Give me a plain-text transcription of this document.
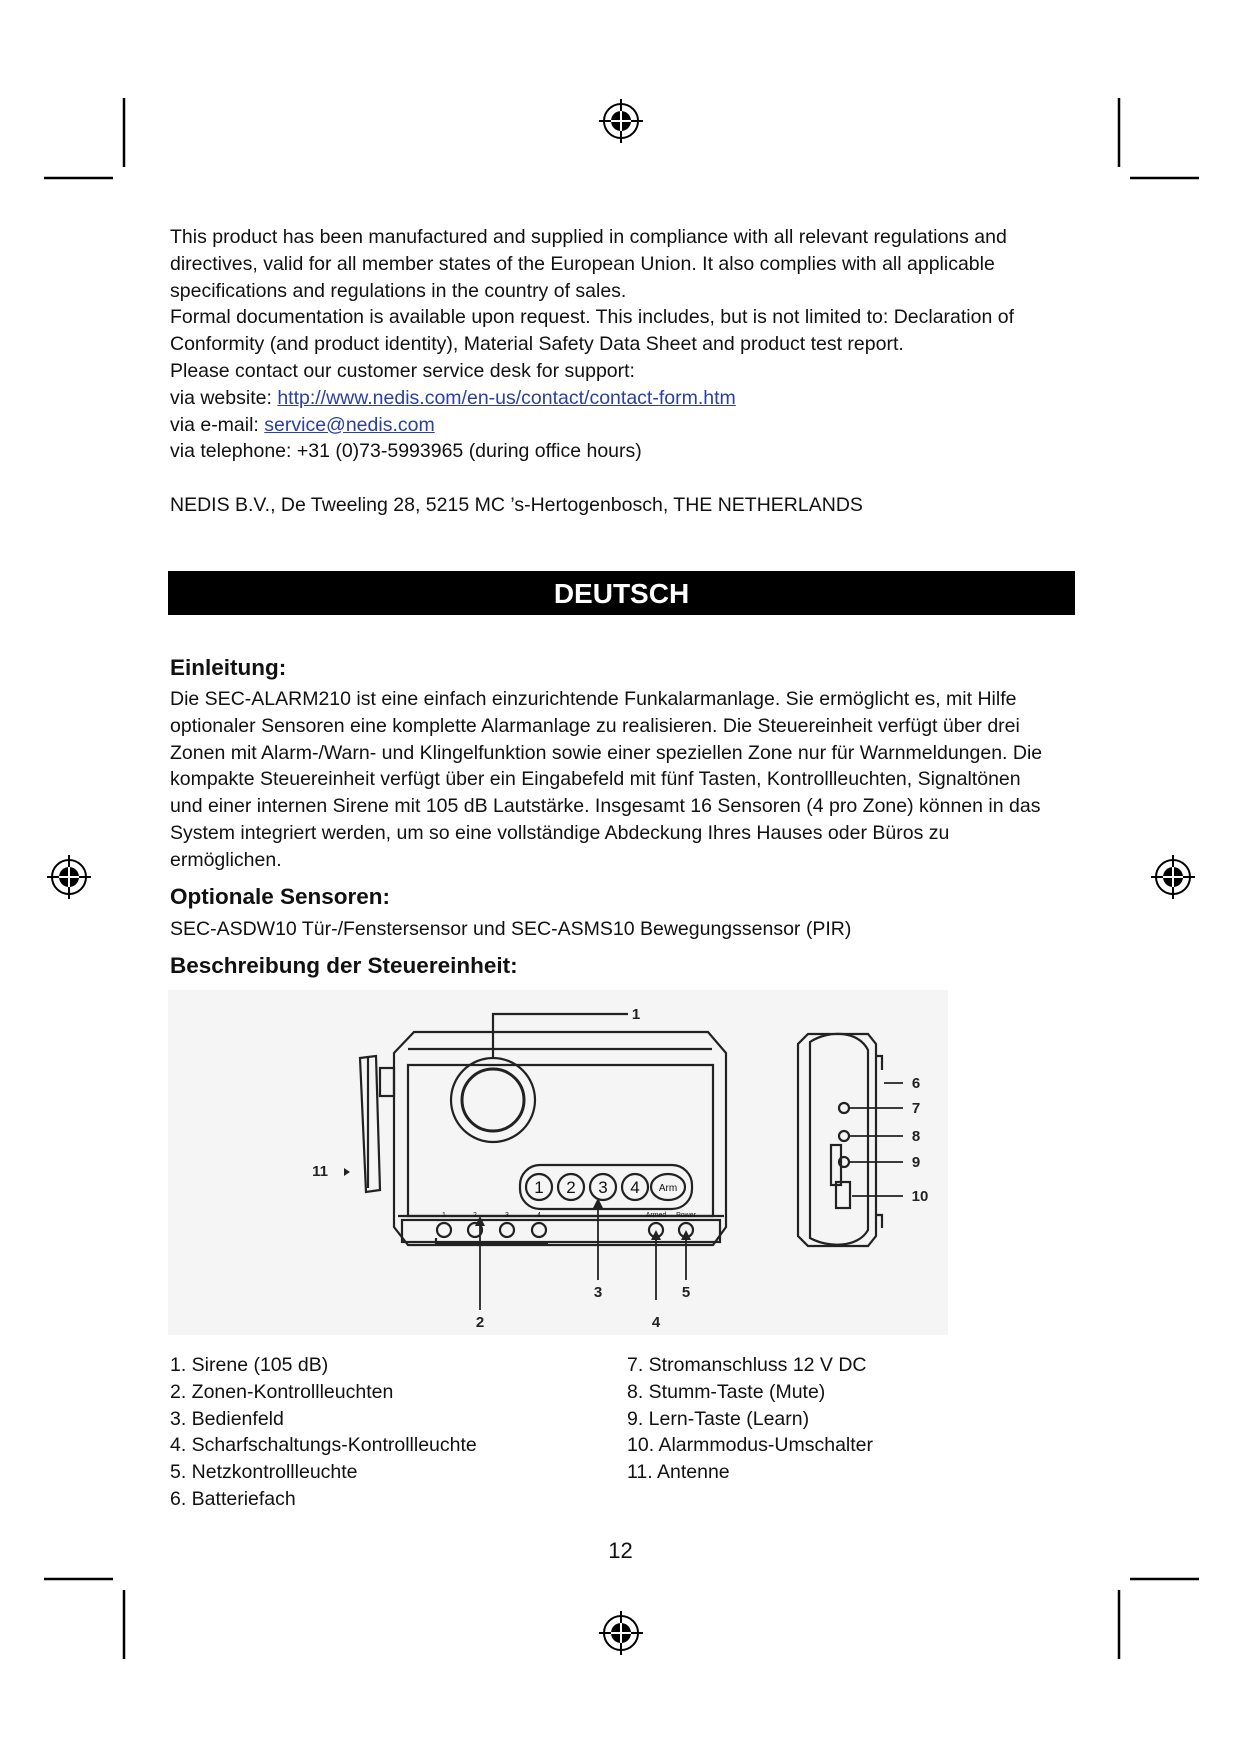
This product has been manufactured and supplied in compliance with all relevant regulations and

directives, valid for all member states of the European Union. It also complies with all applicable

specifications and regulations in the country of sales.

Formal documentation is available upon request. This includes, but is not limited to: Declaration of

Conformity (and product identity), Material Safety Data Sheet and product test report.

Please contact our customer service desk for support:

via website: http://www.nedis.com/en-us/contact/contact-form.htm

via e-mail: service@nedis.com

via telephone: +31 (0)73-5993965 (during office hours)

NEDIS B.V., De Tweeling 28, 5215 MC ’s-Hertogenbosch, THE NETHERLANDS

DEUTSCH
Einleitung:
Die SEC-ALARM210 ist eine einfach einzurichtende Funkalarmanlage. Sie ermöglicht es, mit Hilfe
optionaler Sensoren eine komplette Alarmanlage zu realisieren. Die Steuereinheit verfügt über drei
Zonen mit Alarm-/Warn- und Klingelfunktion sowie einer speziellen Zone nur für Warnmeldungen. Die
kompakte Steuereinheit verfügt über ein Eingabefeld mit fünf Tasten, Kontrollleuchten, Signaltönen
und einer internen Sirene mit 105 dB Lautstärke. Insgesamt 16 Sensoren (4 pro Zone) können in das
System integriert werden, um so eine vollständige Abdeckung Ihres Hauses oder Büros zu
ermöglichen.
Optionale Sensoren:
SEC-ASDW10 Tür-/Fenstersensor und SEC-ASMS10 Bewegungssensor (PIR)
Beschreibung der Steuereinheit:
1 2 3 4 Arm
1	2	3	4	Armed Power
1
2
3
4
5
6
7
8
9
10
11
1. Sirene (105 dB)
2. Zonen-Kontrollleuchten
3. Bedienfeld
4. Scharfschaltungs-Kontrollleuchte
5. Netzkontrollleuchte
6. Batteriefach
7. Stromanschluss 12 V DC
8. Stumm-Taste (Mute)
9. Lern-Taste (Learn)
10. Alarmmodus-Umschalter
11. Antenne
12
